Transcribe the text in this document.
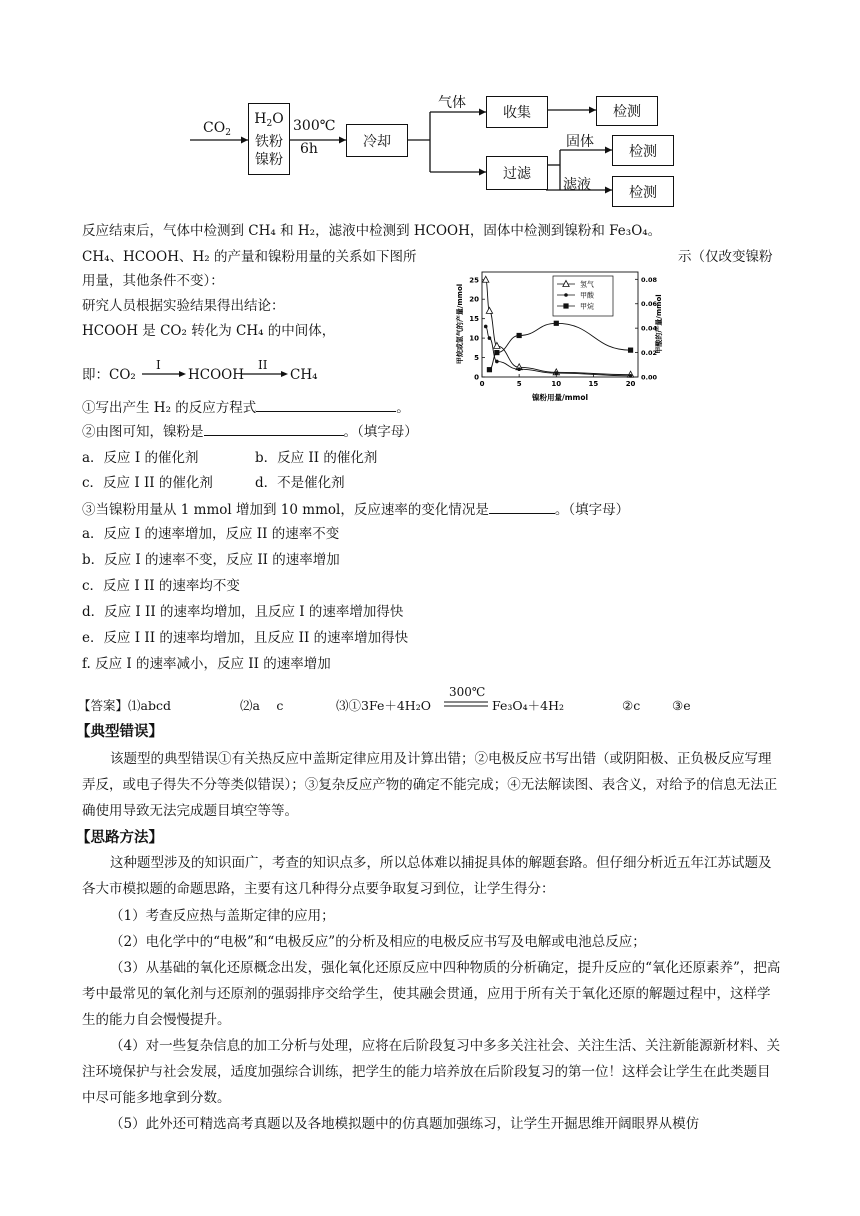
$CO_2$
$H_2O$
铁粉
镍粉
300℃
6h	冷却
气体
收集	检测
过滤
固体
检测
滤液	检测
反应结束后，气体中检测到 CH₄ 和 H₂，滤液中检测到 HCOOH，固体中检测到镍粉和 Fe₃O₄。
CH₄、HCOOH、H₂ 的产量和镍粉用量的关系如下图所	示（仅改变镍粉
用量，其他条件不变）：
研究人员根据实验结果得出结论：
HCOOH 是 CO₂ 转化为 CH₄ 的中间体，
即：CO₂
I
HCOOH
II
CH₄
0	5	10	15	20
0
5
10
15
20
25
0.00
0.02
0.04
0.06
0.08
氢气
甲酸
甲烷
甲烷或氢气的产量/mmol	甲酸的产量/mmol
镍粉用量/mmol
①写出产生 H₂ 的反应方程式	。
②由图可知，镍粉是	。（填字母）
a．反应 I 的催化剂	b．反应 II 的催化剂
c．反应 I II 的催化剂	d．不是催化剂
③当镍粉用量从 1 mmol 增加到 10 mmol，反应速率的变化情况是	。（填字母）
a．反应 I 的速率增加，反应 II 的速率不变
b．反应 I 的速率不变，反应 II 的速率增加
c．反应 I II 的速率均不变
d．反应 I II 的速率均增加，且反应 I 的速率增加得快
e．反应 I II 的速率均增加，且反应 II 的速率增加得快
f. 反应 I 的速率减小，反应 II 的速率增加
【答案】⑴abcd	⑵a　 c	⑶①3Fe＋4H₂O
300℃
Fe₃O₄＋4H₂	②c	③e
【典型错误】
该题型的典型错误①有关热反应中盖斯定律应用及计算出错；②电极反应书写出错（或阴阳极、正负极反应写理弄反，或电子得失不分等类似错误）；③复杂反应产物的确定不能完成；④无法解读图、表含义，对给予的信息无法正确使用导致无法完成题目填空等等。
【思路方法】
这种题型涉及的知识面广，考查的知识点多，所以总体难以捕捉具体的解题套路。但仔细分析近五年江苏试题及各大市模拟题的命题思路，主要有这几种得分点要争取复习到位，让学生得分：
（1）考查反应热与盖斯定律的应用；
（2）电化学中的“电极”和“电极反应”的分析及相应的电极反应书写及电解或电池总反应；
（3）从基础的氧化还原概念出发，强化氧化还原反应中四种物质的分析确定，提升反应的“氧化还原素养”，把高考中最常见的氧化剂与还原剂的强弱排序交给学生，使其融会贯通，应用于所有关于氧化还原的解题过程中，这样学生的能力自会慢慢提升。
（4）对一些复杂信息的加工分析与处理，应将在后阶段复习中多多关注社会、关注生活、关注新能源新材料、关注环境保护与社会发展，适度加强综合训练，把学生的能力培养放在后阶段复习的第一位！这样会让学生在此类题目中尽可能多地拿到分数。
（5）此外还可精选高考真题以及各地模拟题中的仿真题加强练习，让学生开掘思维开阔眼界从模仿
